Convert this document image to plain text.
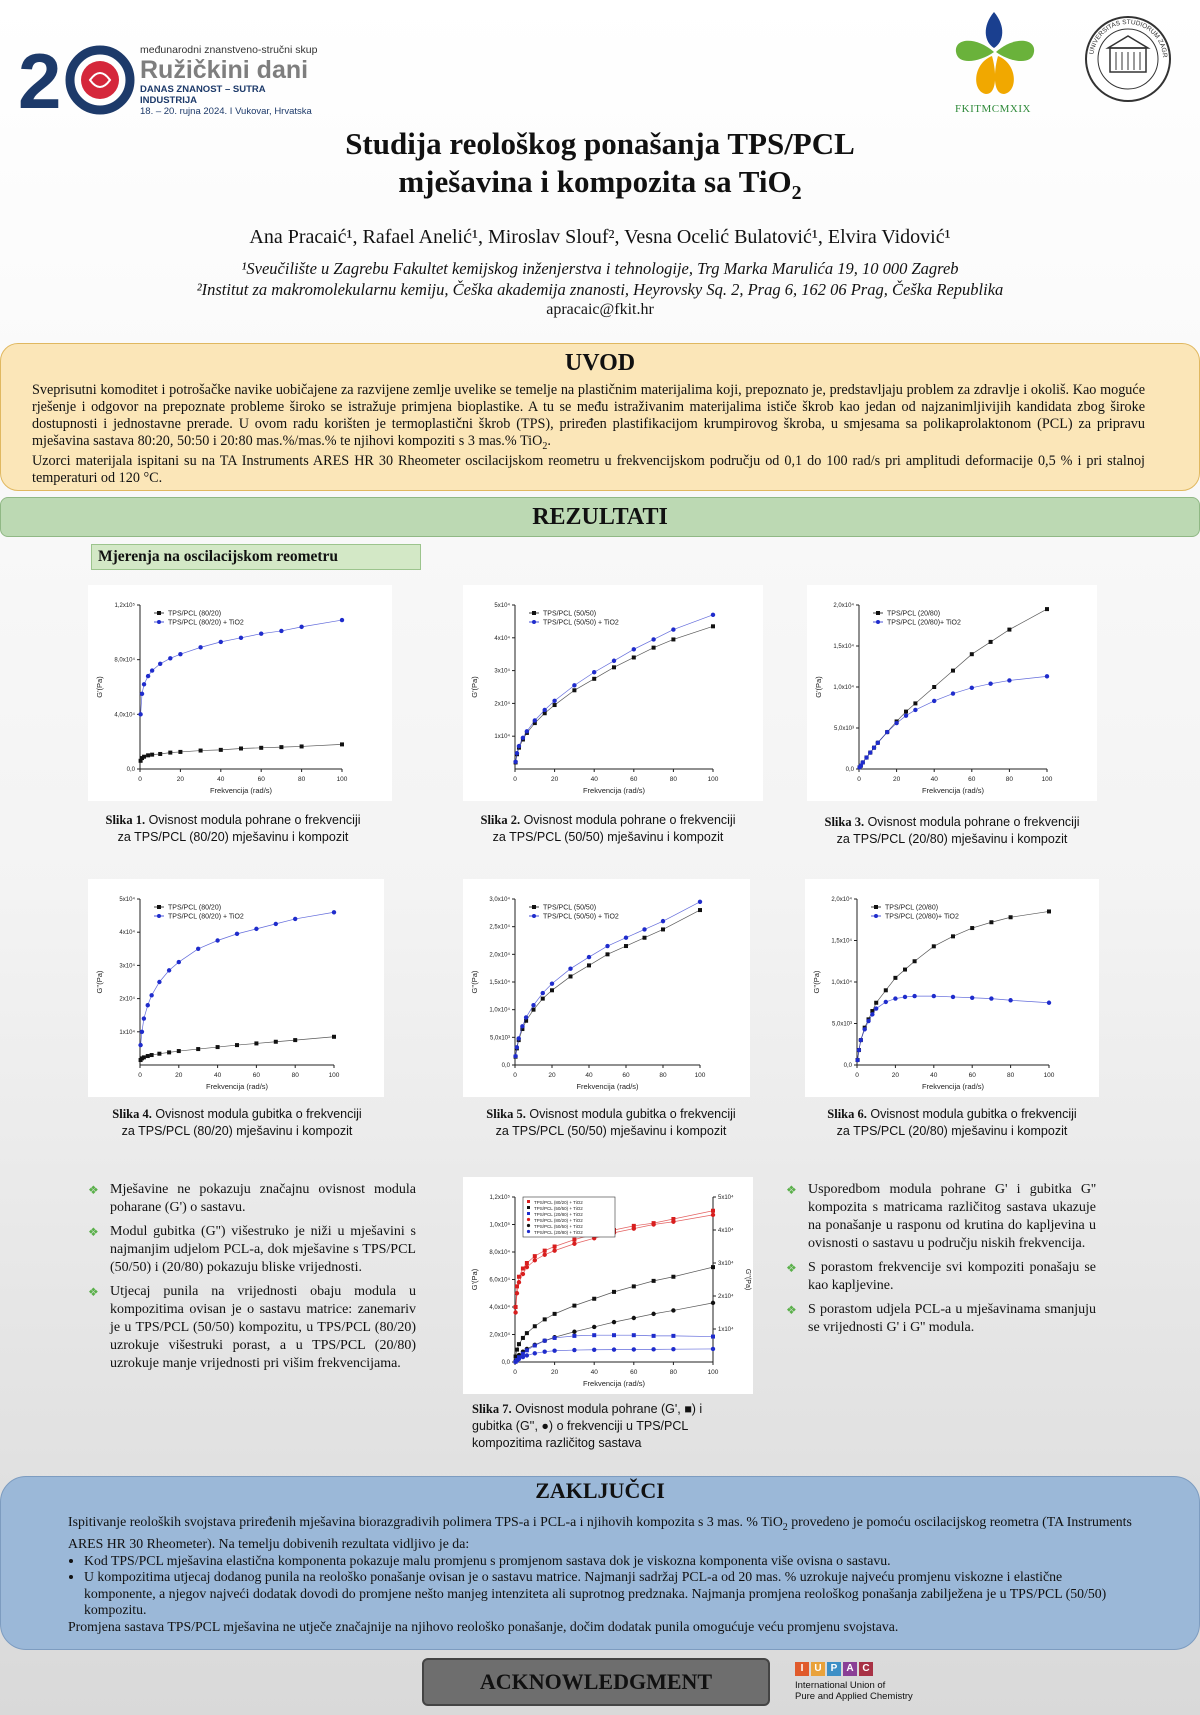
2	međunarodni znanstveno-stručni skup
Ružičkini dani
DANAS ZNANOST – SUTRA INDUSTRIJA
18. – 20. rujna 2024. I Vukovar, Hrvatska	FKITMCMXIX
UNIVERSITAS STUDIORUM ZAGR
Studija reološkog ponašanja TPS/PCL
mješavina i kompozita sa TiO$_2$
Ana Pracaić¹, Rafael Anelić¹, Miroslav Slouf², Vesna Ocelić Bulatović¹, Elvira Vidović¹
¹Sveučilište u Zagrebu Fakultet kemijskog inženjerstva i tehnologije, Trg Marka Marulića 19, 10 000 Zagreb
²Institut za makromolekularnu kemiju, Češka akademija znanosti, Heyrovsky Sq. 2, Prag 6, 162 06 Prag, Češka Republika
apracaic@fkit.hr
UVOD
Sveprisutni komoditet i potrošačke navike uobičajene za razvijene zemlje uvelike se temelje na plastičnim materijalima koji, prepoznato je, predstavljaju problem za zdravlje i okoliš. Kao moguće rješenje i odgovor na prepoznate probleme široko se istražuje primjena bioplastike. A tu se među istraživanim materijalima ističe škrob kao jedan od najzanimljivijih kandidata zbog široke dostupnosti i jednostavne prerade. U ovom radu korišten je termoplastični škrob (TPS), priređen plastifikacijom krumpirovog škroba, u smjesama sa polikaprolaktonom (PCL) za pripravu mješavina sastava 80:20, 50:50 i 20:80 mas.%/mas.% te njihovi kompoziti s 3 mas.% TiO$_2$.
Uzorci materijala ispitani su na TA Instruments ARES HR 30 Rheometer oscilacijskom reometru u frekvencijskom području od 0,1 do 100 rad/s pri amplitudi deformacije 0,5 % i pri stalnoj temperaturi od 120 °C.
REZULTATI
Mjerenja na oscilacijskom reometru
0	20	40	60	80	100
0,0
4,0x10⁴
8,0x10⁴
1,2x10⁵
Frekvencija (rad/s)
G'(Pa)
TPS/PCL (80/20)
TPS/PCL (80/20) + TiO2
0	20	40	60	80	100
1x10⁴
2x10⁴
3x10⁴
4x10⁴
5x10⁴
Frekvencija (rad/s)
G'(Pa)
TPS/PCL (50/50)
TPS/PCL (50/50) + TiO2
0	20	40	60	80	100
0,0
5,0x10³
1,0x10⁴
1,5x10⁴
2,0x10⁴
Frekvencija (rad/s)
G'(Pa)
TPS/PCL (20/80)
TPS/PCL (20/80)+ TiO2
0	20	40	60	80	100
1x10⁴
2x10⁴
3x10⁴
4x10⁴
5x10⁴
Frekvencija (rad/s)
G''(Pa)
TPS/PCL (80/20)
TPS/PCL (80/20) + TiO2
0	20	40	60	80	100
0,0
5,0x10³
1,0x10⁴
1,5x10⁴
2,0x10⁴
2,5x10⁴
3,0x10⁴
Frekvencija (rad/s)
G''(Pa)
TPS/PCL (50/50)
TPS/PCL (50/50) + TiO2
0	20	40	60	80	100
0,0
5,0x10³
1,0x10⁴
1,5x10⁴
2,0x10⁴
Frekvencija (rad/s)
G''(Pa)
TPS/PCL (20/80)
TPS/PCL (20/80)+ TiO2
0	20	40	60	80	100
0,0
2,0x10⁴
4,0x10⁴
6,0x10⁴
8,0x10⁴
1,0x10⁵
1,2x10⁵
1x10⁴
2x10⁴
3x10⁴
4x10⁴
5x10⁴
G''(Pa)
Frekvencija (rad/s)
G'(Pa)
TPS/PCL (80/20) + TiO2
TPS/PCL (50/50) + TiO2
TPS/PCL (20/80) + TiO2
TPS/PCL (80/20) + TiO2
TPS/PCL (50/50) + TiO2
TPS/PCL (20/80) + TiO2
Slika 1. Ovisnost modula pohrane o frekvenciji
za TPS/PCL (80/20) mješavinu i kompozit
Slika 2. Ovisnost modula pohrane o frekvenciji
za TPS/PCL (50/50) mješavinu i kompozit
Slika 3. Ovisnost modula pohrane o frekvenciji
za TPS/PCL (20/80) mješavinu i kompozit
Slika 4. Ovisnost modula gubitka o frekvenciji
za TPS/PCL (80/20) mješavinu i kompozit
Slika 5. Ovisnost modula gubitka o frekvenciji
za TPS/PCL (50/50) mješavinu i kompozit
Slika 6. Ovisnost modula gubitka o frekvenciji
za TPS/PCL (20/80) mješavinu i kompozit
Slika 7. Ovisnost modula pohrane (G', ■) i
gubitka (G'', ●) o frekvenciji u TPS/PCL
kompozitima različitog sastava
❖ Mješavine ne pokazuju značajnu ovisnost modula poharane (G') o sastavu.
❖ Modul gubitka (G'') višestruko je niži u mješavini s najmanjim udjelom PCL-a, dok mješavine s TPS/PCL (50/50) i (20/80) pokazuju bliske vrijednosti.
❖ Utjecaj punila na vrijednosti obaju modula u kompozitima ovisan je o sastavu matrice: zanemariv je u TPS/PCL (50/50) kompozitu, u TPS/PCL (80/20) uzrokuje višestruki porast, a u TPS/PCL (20/80) uzrokuje manje vrijednosti pri višim frekvencijama.
❖ Usporedbom modula pohrane G' i gubitka G'' kompozita s matricama različitog sastava ukazuje na ponašanje u rasponu od krutina do kapljevina u ovisnosti o sastavu u području niskih frekvencija.
❖ S porastom frekvencije svi kompoziti ponašaju se kao kapljevine.
❖ S porastom udjela PCL-a u mješavinama smanjuju se vrijednosti G' i G'' modula.
ZAKLJUČCI
Ispitivanje reoloških svojstava priređenih mješavina biorazgradivih polimera TPS-a i PCL-a i njihovih kompozita s 3 mas. % TiO$_2$ provedeno je pomoću oscilacijskog reometra (TA Instruments ARES HR 30 Rheometer). Na temelju dobivenih rezultata vidljivo je da:
• Kod TPS/PCL mješavina elastična komponenta pokazuje malu promjenu s promjenom sastava dok je viskozna komponenta više ovisna o sastavu.
• U kompozitima utjecaj dodanog punila na reološko ponašanje ovisan je o sastavu matrice. Najmanji sadržaj PCL-a od 20 mas. % uzrokuje najveću promjenu viskozne i elastične komponente, a njegov najveći dodatak dovodi do promjene nešto manjeg intenziteta ali suprotnog predznaka. Najmanja promjena reološkog ponašanja zabilježena je u TPS/PCL (50/50) kompozitu.
Promjena sastava TPS/PCL mješavina ne utječe značajnije na njihovo reološko ponašanje, dočim dodatak punila omogućuje veću promjenu svojstava.
ACKNOWLEDGMENT
I U P A C
International Union of
Pure and Applied Chemistry
